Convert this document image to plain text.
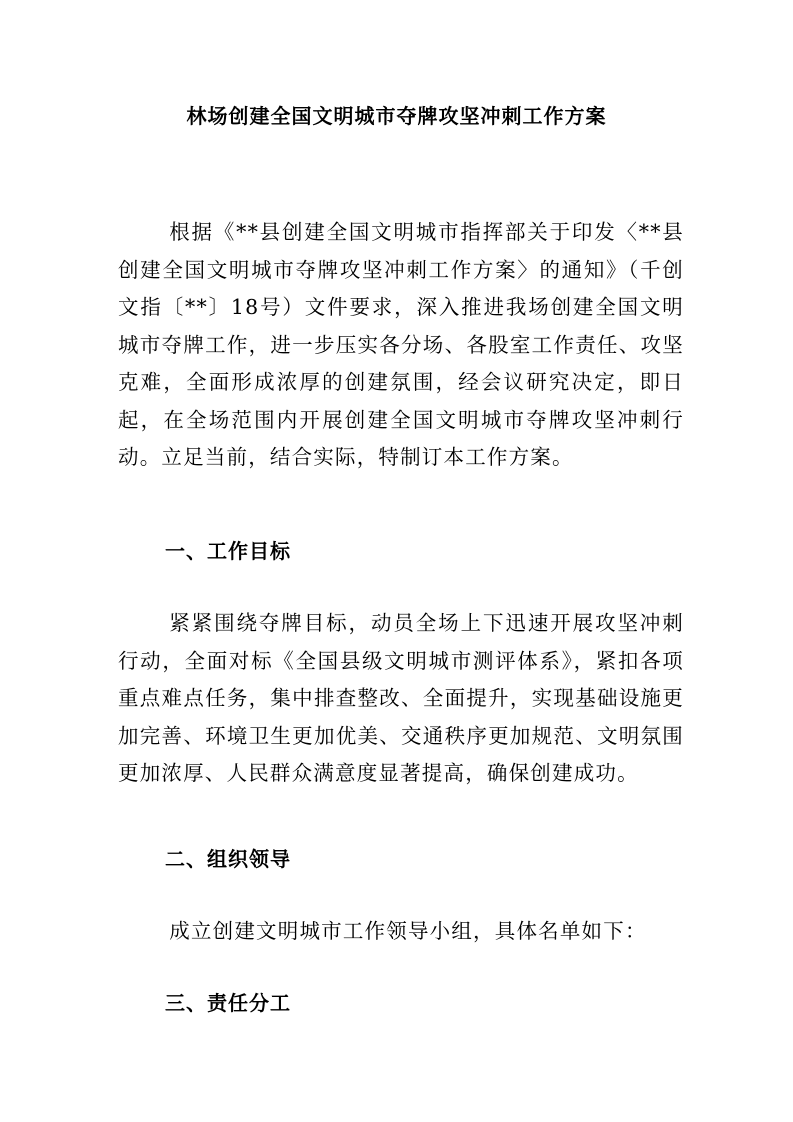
林场创建全国文明城市夺牌攻坚冲刺工作方案

根据《**县创建全国文明城市指挥部关于印发〈**县创建全国文明城市夺牌攻坚冲刺工作方案〉的通知》（千创文指〔**〕18号）文件要求，深入推进我场创建全国文明城市夺牌工作，进一步压实各分场、各股室工作责任、攻坚克难，全面形成浓厚的创建氛围，经会议研究决定，即日起，在全场范围内开展创建全国文明城市夺牌攻坚冲刺行动。立足当前，结合实际，特制订本工作方案。

一、工作目标

紧紧围绕夺牌目标，动员全场上下迅速开展攻坚冲刺行动，全面对标《全国县级文明城市测评体系》，紧扣各项重点难点任务，集中排查整改、全面提升，实现基础设施更加完善、环境卫生更加优美、交通秩序更加规范、文明氛围更加浓厚、人民群众满意度显著提高，确保创建成功。

二、组织领导

成立创建文明城市工作领导小组，具体名单如下：

三、责任分工
